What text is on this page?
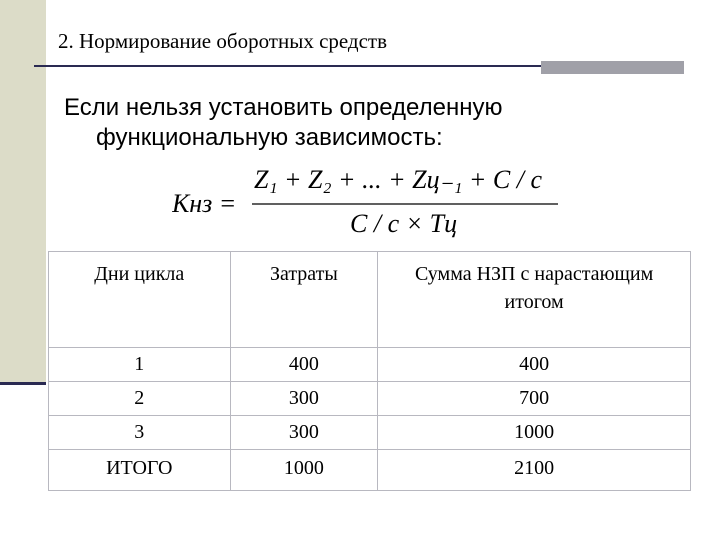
2. Нормирование оборотных средств
Если нельзя установить определенную
функциональную зависимость:
Кнз =
Z₁ + Z₂ + ... + Zц₋₁ + C / c
C / c × Tц
Дни цикла	Затраты	Сумма НЗП с нарастающим итогом
1	400	400
2	300	700
3	300	1000
ИТОГО	1000	2100
